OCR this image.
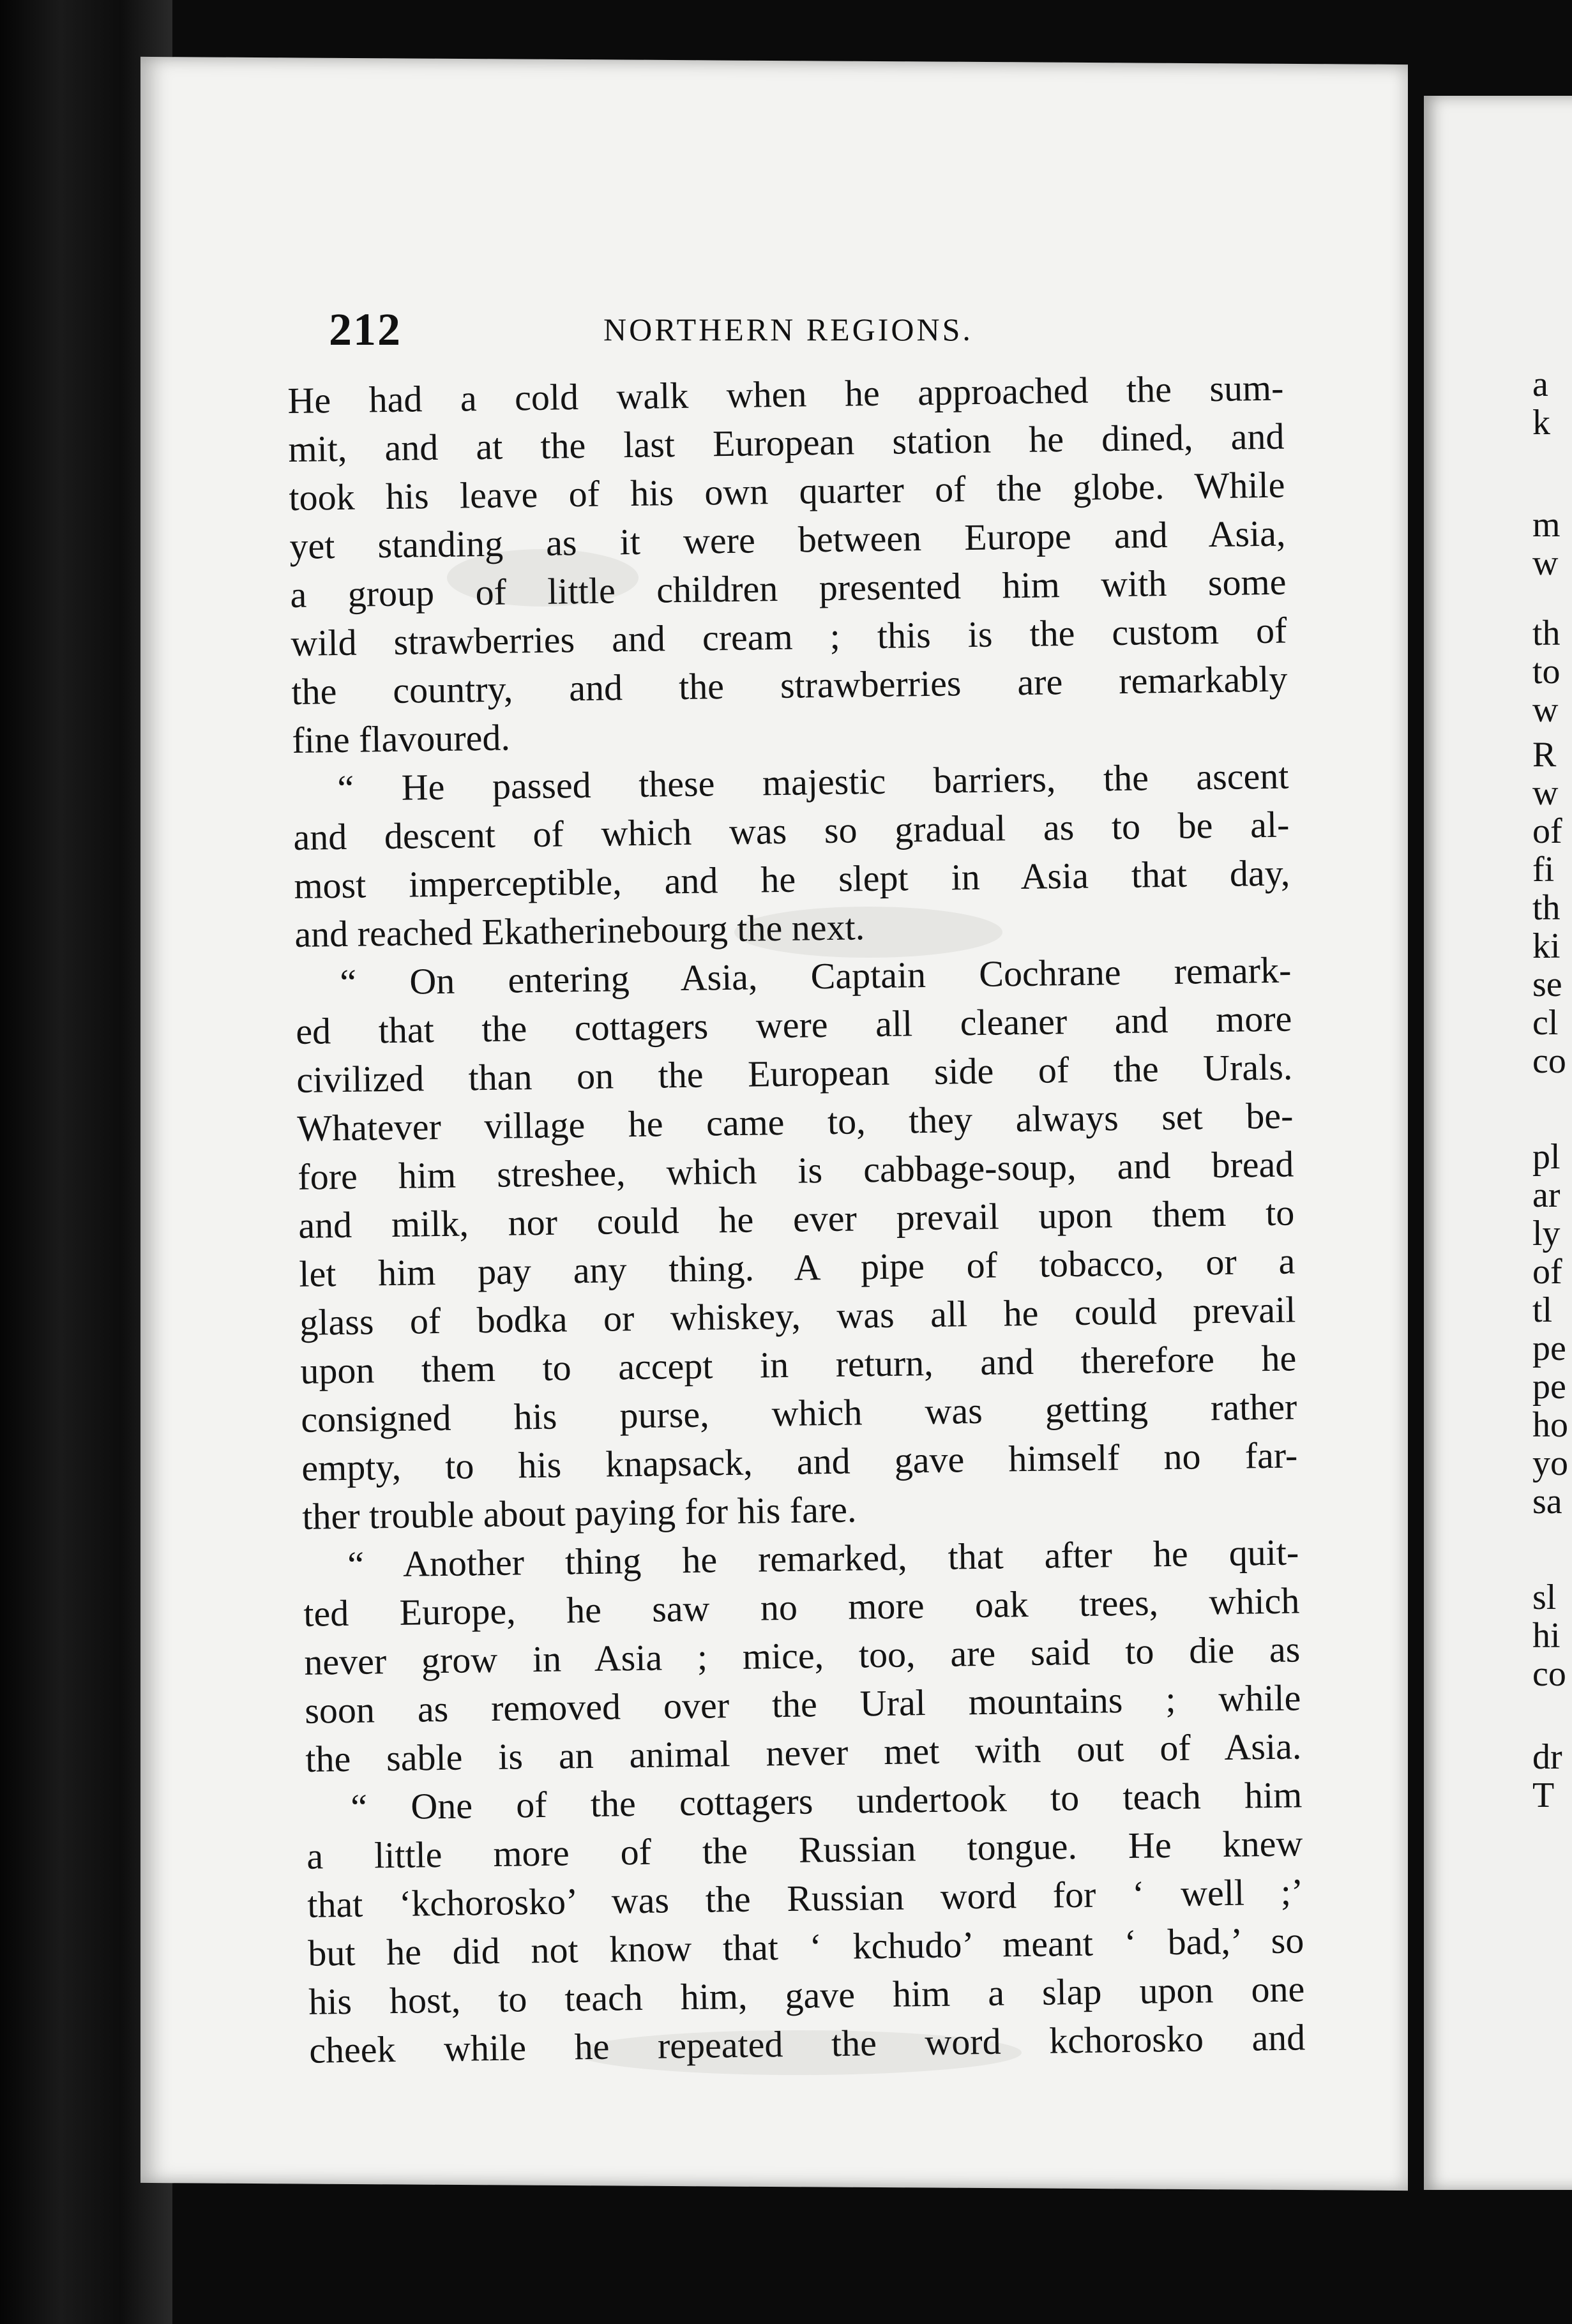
212	NORTHERN REGIONS.
He had a cold walk when he approached the sum-
mit, and at the last European station he dined, and
took his leave of his own quarter of the globe. While
yet standing as it were between Europe and Asia,
a group of little children presented him with some
wild strawberries and cream ; this is the custom of
the country, and the strawberries are remarkably
fine flavoured.
“ He passed these majestic barriers, the ascent
and descent of which was so gradual as to be al-
most imperceptible, and he slept in Asia that day,
and reached Ekatherinebourg the next.
“ On entering Asia, Captain Cochrane remark-
ed that the cottagers were all cleaner and more
civilized than on the European side of the Urals.
Whatever village he came to, they always set be-
fore him streshee, which is cabbage-soup, and bread
and milk, nor could he ever prevail upon them to
let him pay any thing. A pipe of tobacco, or a
glass of bodka or whiskey, was all he could prevail
upon them to accept in return, and therefore he
consigned his purse, which was getting rather
empty, to his knapsack, and gave himself no far-
ther trouble about paying for his fare.
“ Another thing he remarked, that after he quit-
ted Europe, he saw no more oak trees, which
never grow in Asia ; mice, too, are said to die as
soon as removed over the Ural mountains ; while
the sable is an animal never met with out of Asia.
“ One of the cottagers undertook to teach him
a little more of the Russian tongue. He knew
that ‘kchorosko’ was the Russian word for ‘ well ;’
but he did not know that ‘ kchudo’ meant ‘ bad,’ so
his host, to teach him, gave him a slap upon one
cheek while he repeated the word kchorosko and
a
k
m
w
th
to
w
R
w
of
fi
th
ki
se
cl
co
pl
ar
ly
of
tl
pe
pe
ho
yo
sa
sl
hi
co
dr
T
